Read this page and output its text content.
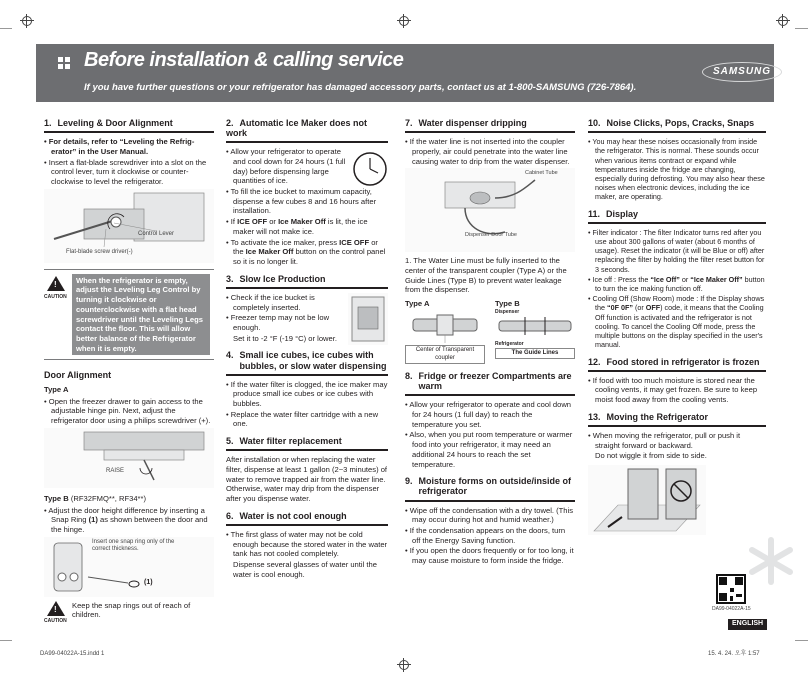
Before installation & calling service
If you have further questions or your refrigerator has damaged accessory parts, contact us at 1-800-SAMSUNG (726-7864).
SAMSUNG
1. Leveling & Door Alignment
• For details, refer to “Leveling the Refrig-erator” in the User Manual.
• Insert a flat-blade screwdriver into a slot on the control lever, turn it clockwise or counter-clockwise to level the refrigerator.
Control Lever
Flat-blade screw driver(-)
!
CAUTION
When the refrigerator is empty, adjust the Leveling Leg Control by turning it clockwise or counterclockwise with a flat head screwdriver until the Leveling Legs contact the floor. This will allow better balance of the Refrigerator when it is empty.
Door Alignment
Type A
• Open the freezer drawer to gain access to the adjustable hinge pin. Next, adjust the refrigerator door using a philips screwdriver (+).
RAISE
Type B (RF32FMQ**, RF34**)
• Adjust the door height difference by inserting a Snap Ring (1) as shown between the door and the hinge.
Insert one snap ring only of the correct thickness.
(1)
!
CAUTION
Keep the snap rings out of reach of children.
2. Automatic Ice Maker does not work
• Allow your refrigerator to operate and cool down for 24 hours (1 full day) before dispensing large quantities of ice.
• To fill the ice bucket to maximum capacity, dispense a few cubes 8 and 16 hours after installation.
• If ICE OFF or Ice Maker Off is lit, the ice maker will not make ice.
• To activate the ice maker, press ICE OFF or the Ice Maker Off button on the control panel so it is no longer lit.
3. Slow Ice Production
• Check if the ice bucket is completely inserted.
• Freezer temp may not be low enough.
Set it to -2 °F (-19 °C) or lower.
4. Small ice cubes, ice cubes with bubbles, or slow water dispensing
• If the water filter is clogged, the ice maker may produce small ice cubes or ice cubes with bubbles.
• Replace the water filter cartridge with a new one.
5. Water filter replacement
After installation or when replacing the water filter, dispense at least 1 gallon (2~3 minutes) of water to remove trapped air from the water line. Otherwise, water may drip from the dispenser after you dispense water.
6. Water is not cool enough
• The first glass of water may not be cold enough because the stored water in the water tank has not cooled completely.
Dispense several glasses of water until the water is cool enough.
7. Water dispenser dripping
• If the water line is not inserted into the coupler properly, air could penetrate into the water line causing water to drip from the water dispenser.
Cabinet Tube
Dispenser Door Tube
1. The Water Line must be fully inserted to the center of the transparent coupler (Type A) or the Guide Lines (Type B) to prevent water leakage from the dispenser.
Type A
Center of Transparent coupler
Type B
Dispenser
Refrigerator
The Guide Lines
8. Fridge or freezer Compartments are warm
• Allow your refrigerator to operate and cool down for 24 hours (1 full day) to reach the temperature you set.
• Also, when you put room temperature or warmer food into your refrigerator, it may need an additional 24 hours to reach the set temperature.
9. Moisture forms on outside/inside of refrigerator
• Wipe off the condensation with a dry towel. (This may occur during hot and humid weather.)
• If the condensation appears on the doors, turn off the Energy Saving function.
• If you open the doors frequently or for too long, it may cause moisture to form inside the fridge.
10. Noise Clicks, Pops, Cracks, Snaps
• You may hear these noises occasionally from inside the refrigerator. This is normal. These sounds occur when various items contract or expand while temperatures inside the fridge are changing, especially during defrosting. You may also hear these noises when electronic devices, including the ice maker, are operating.
11. Display
• Filter indicator : The filter Indicator turns red after you use about 300 gallons of water (about 6 months of usage). Reset the indicator (it will be Blue or off) after replacing the filter by holding the filter reset button for 3 seconds.
• Ice off : Press the “Ice Off” or “Ice Maker Off” button to turn the ice making function off.
• Cooling Off (Show Room) mode : If the Display shows the “0F 0F” (or OFF) code, it means that the Cooling Off function is activated and the refrigerator is not cooling. To cancel the Cooling Off mode, press the multiple buttons on the display specified in the user's manual.
12. Food stored in refrigerator is frozen
• If food with too much moisture is stored near the cooling vents, it may get frozen. Be sure to keep moist food away from the cooling vents.
13. Moving the Refrigerator
• When moving the refrigerator, pull or push it straight forward or backward.
Do not wiggle it from side to side.
DA99-04022A-15
ENGLISH
DA99-04022A-15.indd 1	15. 4. 24. 오후 1:57
